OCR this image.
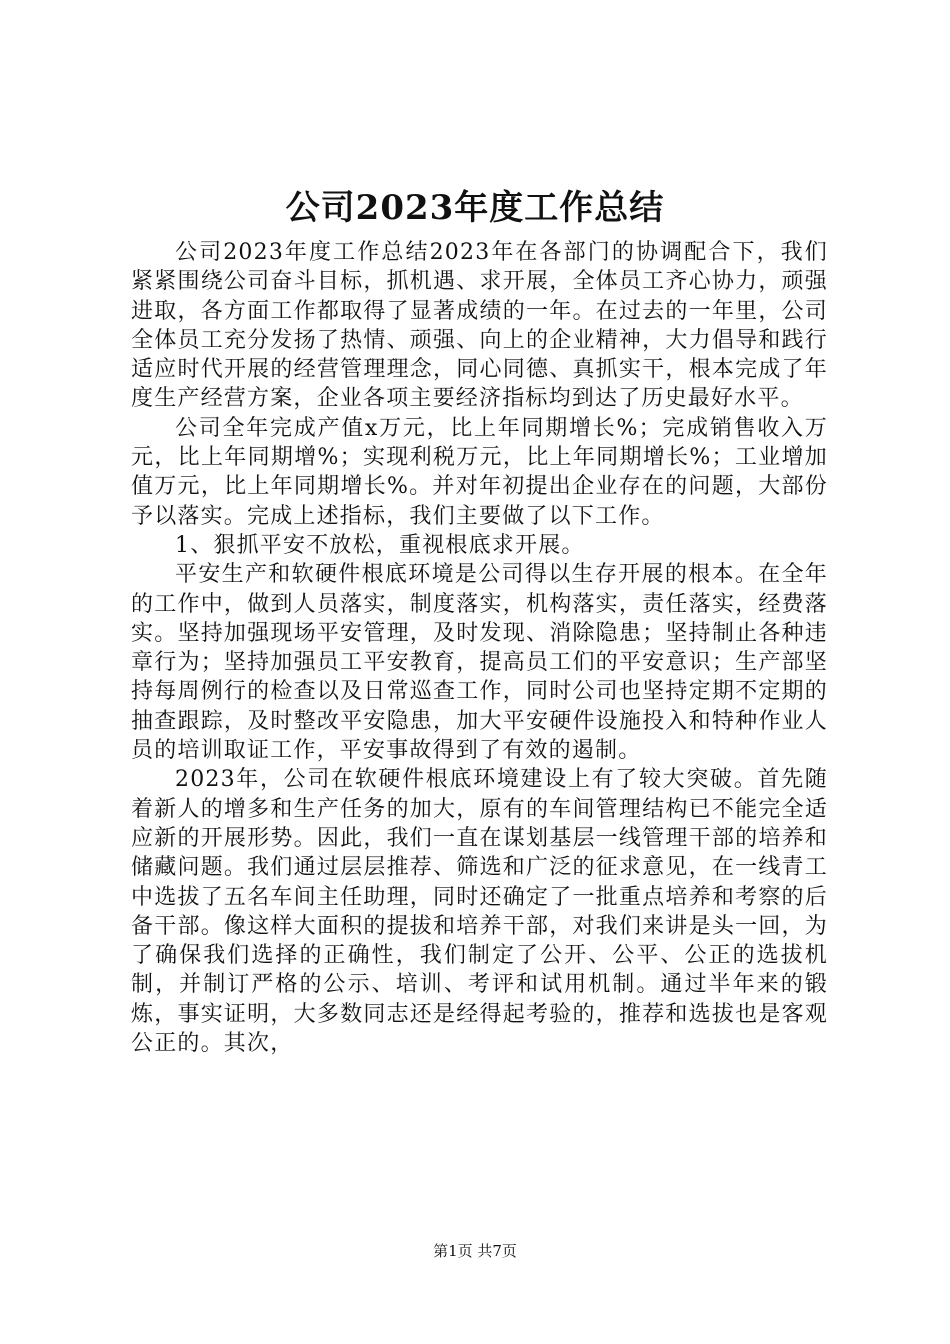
公司2023年度工作总结

公司2023年度工作总结2023年在各部门的协调配合下，我们紧紧围绕公司奋斗目标，抓机遇、求开展，全体员工齐心协力，顽强进取，各方面工作都取得了显著成绩的一年。在过去的一年里，公司全体员工充分发扬了热情、顽强、向上的企业精神，大力倡导和践行适应时代开展的经营管理理念，同心同德、真抓实干，根本完成了年度生产经营方案，企业各项主要经济指标均到达了历史最好水平。

公司全年完成产值x万元，比上年同期增长%；完成销售收入万元，比上年同期增%；实现利税万元，比上年同期增长%；工业增加值万元，比上年同期增长%。并对年初提出企业存在的问题，大部份予以落实。完成上述指标，我们主要做了以下工作。

1、狠抓平安不放松，重视根底求开展。

平安生产和软硬件根底环境是公司得以生存开展的根本。在全年的工作中，做到人员落实，制度落实，机构落实，责任落实，经费落实。坚持加强现场平安管理，及时发现、消除隐患；坚持制止各种违章行为；坚持加强员工平安教育，提高员工们的平安意识；生产部坚持每周例行的检查以及日常巡查工作，同时公司也坚持定期不定期的抽查跟踪，及时整改平安隐患，加大平安硬件设施投入和特种作业人员的培训取证工作，平安事故得到了有效的遏制。

2023年，公司在软硬件根底环境建设上有了较大突破。首先随着新人的增多和生产任务的加大，原有的车间管理结构已不能完全适应新的开展形势。因此，我们一直在谋划基层一线管理干部的培养和储藏问题。我们通过层层推荐、筛选和广泛的征求意见，在一线青工中选拔了五名车间主任助理，同时还确定了一批重点培养和考察的后备干部。像这样大面积的提拔和培养干部，对我们来讲是头一回，为了确保我们选择的正确性，我们制定了公开、公平、公正的选拔机制，并制订严格的公示、培训、考评和试用机制。通过半年来的锻炼，事实证明，大多数同志还是经得起考验的，推荐和选拔也是客观公正的。其次，

第1页 共7页
